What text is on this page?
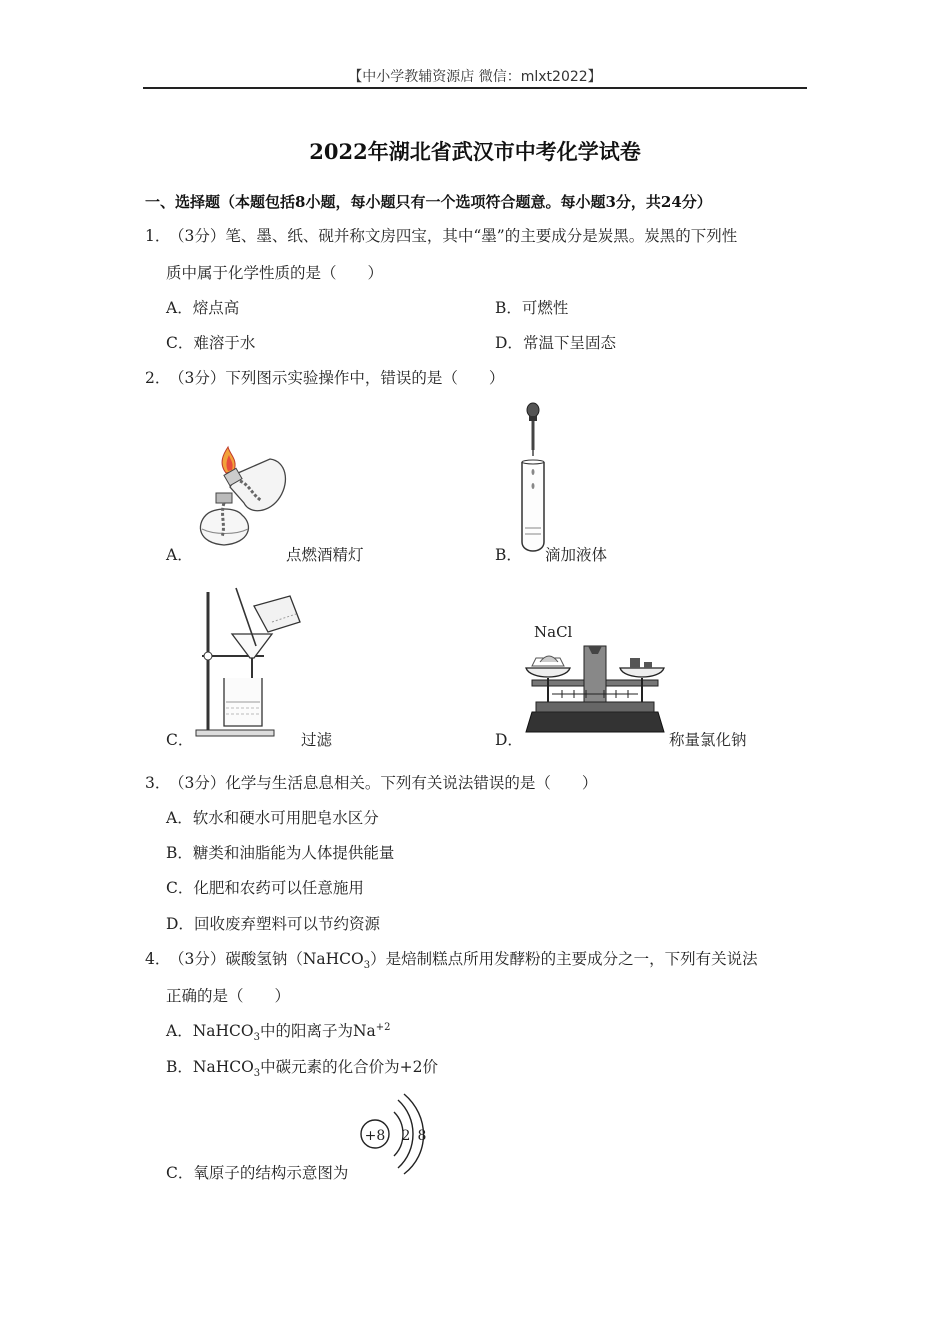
【中小学教辅资源店 微信：mlxt2022】
2022年湖北省武汉市中考化学试卷
一、选择题（本题包括8小题，每小题只有一个选项符合题意。每小题3分，共24分）
1．
（3分）笔、墨、纸、砚并称文房四宝，其中“墨”的主要成分是炭黑。炭黑的下列性
质中属于化学性质的是（　　）
A．熔点高	B．可燃性
C．难溶于水	D．常温下呈固态
2．
（3分）下列图示实验操作中，错误的是（　　）
A．	点燃酒精灯	B． 滴加液体
C．	过滤	D．
NaCl
称量氯化钠
3．
（3分）化学与生活息息相关。下列有关说法错误的是（　　）
A．软水和硬水可用肥皂水区分
B．糖类和油脂能为人体提供能量
C．化肥和农药可以任意施用
D．回收废弃塑料可以节约资源
4．
（3分）碳酸氢钠（NaHCO$_3$）是焙制糕点所用发酵粉的主要成分之一，下列有关说法
正确的是（　　）
A．NaHCO$_3$中的阳离子为$Na^{+2}$
B．NaHCO$_3$中碳元素的化合价为+2价
+8 2 8
C．氧原子的结构示意图为
